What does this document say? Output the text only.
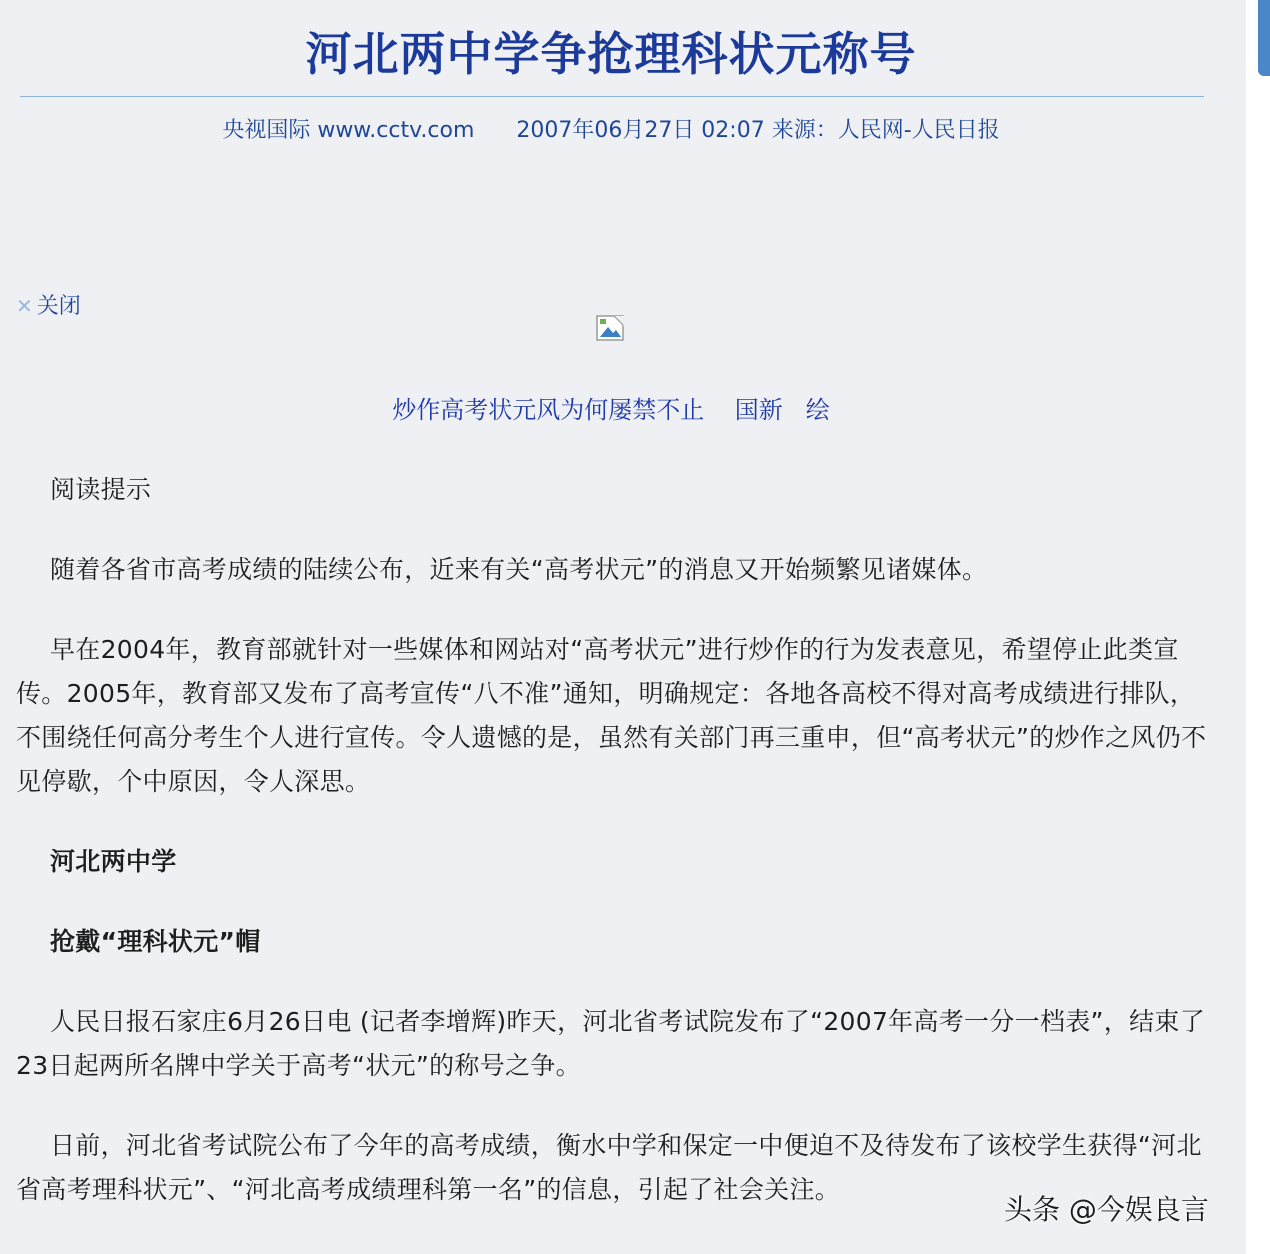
河北两中学争抢理科状元称号
央视国际 www.cctv.com      2007年06月27日 02:07 来源：人民网-人民日报
✕ 关闭
炒作高考状元风为何屡禁不止    国新   绘

阅读提示

随着各省市高考成绩的陆续公布，近来有关“高考状元”的消息又开始频繁见诸媒体。

早在2004年，教育部就针对一些媒体和网站对“高考状元”进行炒作的行为发表意见，希望停止此类宣传。2005年，教育部又发布了高考宣传“八不准”通知，明确规定：各地各高校不得对高考成绩进行排队，不围绕任何高分考生个人进行宣传。令人遗憾的是，虽然有关部门再三重申，但“高考状元”的炒作之风仍不见停歇，个中原因，令人深思。

河北两中学

抢戴“理科状元”帽

人民日报石家庄6月26日电 (记者李增辉)昨天，河北省考试院发布了“2007年高考一分一档表”，结束了23日起两所名牌中学关于高考“状元”的称号之争。

日前，河北省考试院公布了今年的高考成绩，衡水中学和保定一中便迫不及待发布了该校学生获得“河北省高考理科状元”、“河北高考成绩理科第一名”的信息，引起了社会关注。

头条 @今娱良言
